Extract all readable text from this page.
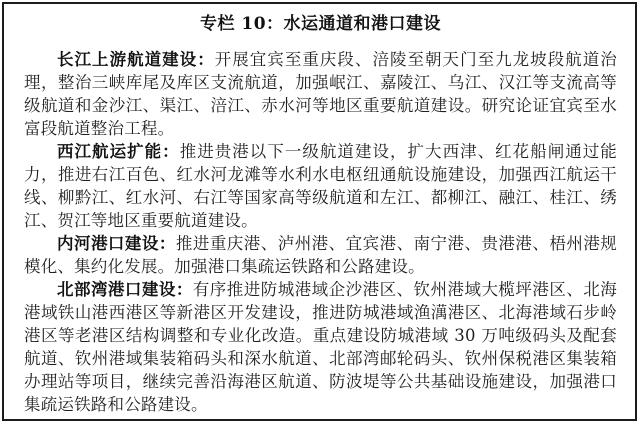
专栏 10：水运通道和港口建设

长江上游航道建设：开展宜宾至重庆段、涪陵至朝天门至九龙坡段航道治理，整治三峡库尾及库区支流航道，加强岷江、嘉陵江、乌江、汉江等支流高等级航道和金沙江、渠江、涪江、赤水河等地区重要航道建设。研究论证宜宾至水富段航道整治工程。

西江航运扩能：推进贵港以下一级航道建设，扩大西津、红花船闸通过能力，推进右江百色、红水河龙滩等水利水电枢纽通航设施建设，加强西江航运干线、柳黔江、红水河、右江等国家高等级航道和左江、都柳江、融江、桂江、绣江、贺江等地区重要航道建设。

内河港口建设：推进重庆港、泸州港、宜宾港、南宁港、贵港港、梧州港规模化、集约化发展。加强港口集疏运铁路和公路建设。

北部湾港口建设：有序推进防城港域企沙港区、钦州港域大榄坪港区、北海港域铁山港西港区等新港区开发建设，推进防城港域渔澫港区、北海港域石步岭港区等老港区结构调整和专业化改造。重点建设防城港域 30 万吨级码头及配套航道、钦州港域集装箱码头和深水航道、北部湾邮轮码头、钦州保税港区集装箱办理站等项目，继续完善沿海港区航道、防波堤等公共基础设施建设，加强港口集疏运铁路和公路建设。
